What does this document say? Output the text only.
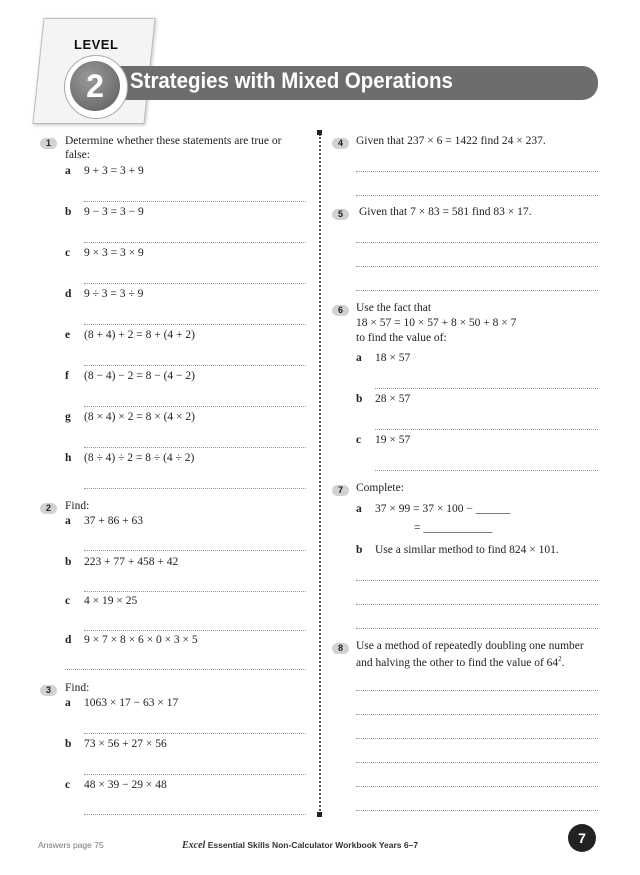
LEVEL
Strategies with Mixed Operations
2
1	Determine whether these statements are true or
false:
a 9 + 3 = 3 + 9
b 9 − 3 = 3 − 9
c 9 × 3 = 3 × 9
d 9 ÷ 3 = 3 ÷ 9
e (8 + 4) + 2 = 8 + (4 + 2)
f (8 − 4) − 2 = 8 − (4 − 2)
g (8 × 4) × 2 = 8 × (4 × 2)
h (8 ÷ 4) ÷ 2 = 8 ÷ (4 ÷ 2)
2	Find:
a 37 + 86 + 63
b 223 + 77 + 458 + 42
c 4 × 19 × 25
d 9 × 7 × 8 × 6 × 0 × 3 × 5
3	Find:
a 1063 × 17 − 63 × 17
b 73 × 56 + 27 × 56
c 48 × 39 − 29 × 48
4	Given that 237 × 6 = 1422 find 24 × 237.
5	Given that 7 × 83 = 581 find 83 × 17.
6	Use the fact that
18 × 57 = 10 × 57 + 8 × 50 + 8 × 7
to find the value of:
a 18 × 57
b 28 × 57
c 19 × 57
7	Complete:
a 37 × 99 = 37 × 100 − ______
= ____________
b Use a similar method to find 824 × 101.
8	Use a method of repeatedly doubling one number
and halving the other to find the value of $64^2$.
Answers page 75	Excel Essential Skills Non-Calculator Workbook Years 6–7	7
